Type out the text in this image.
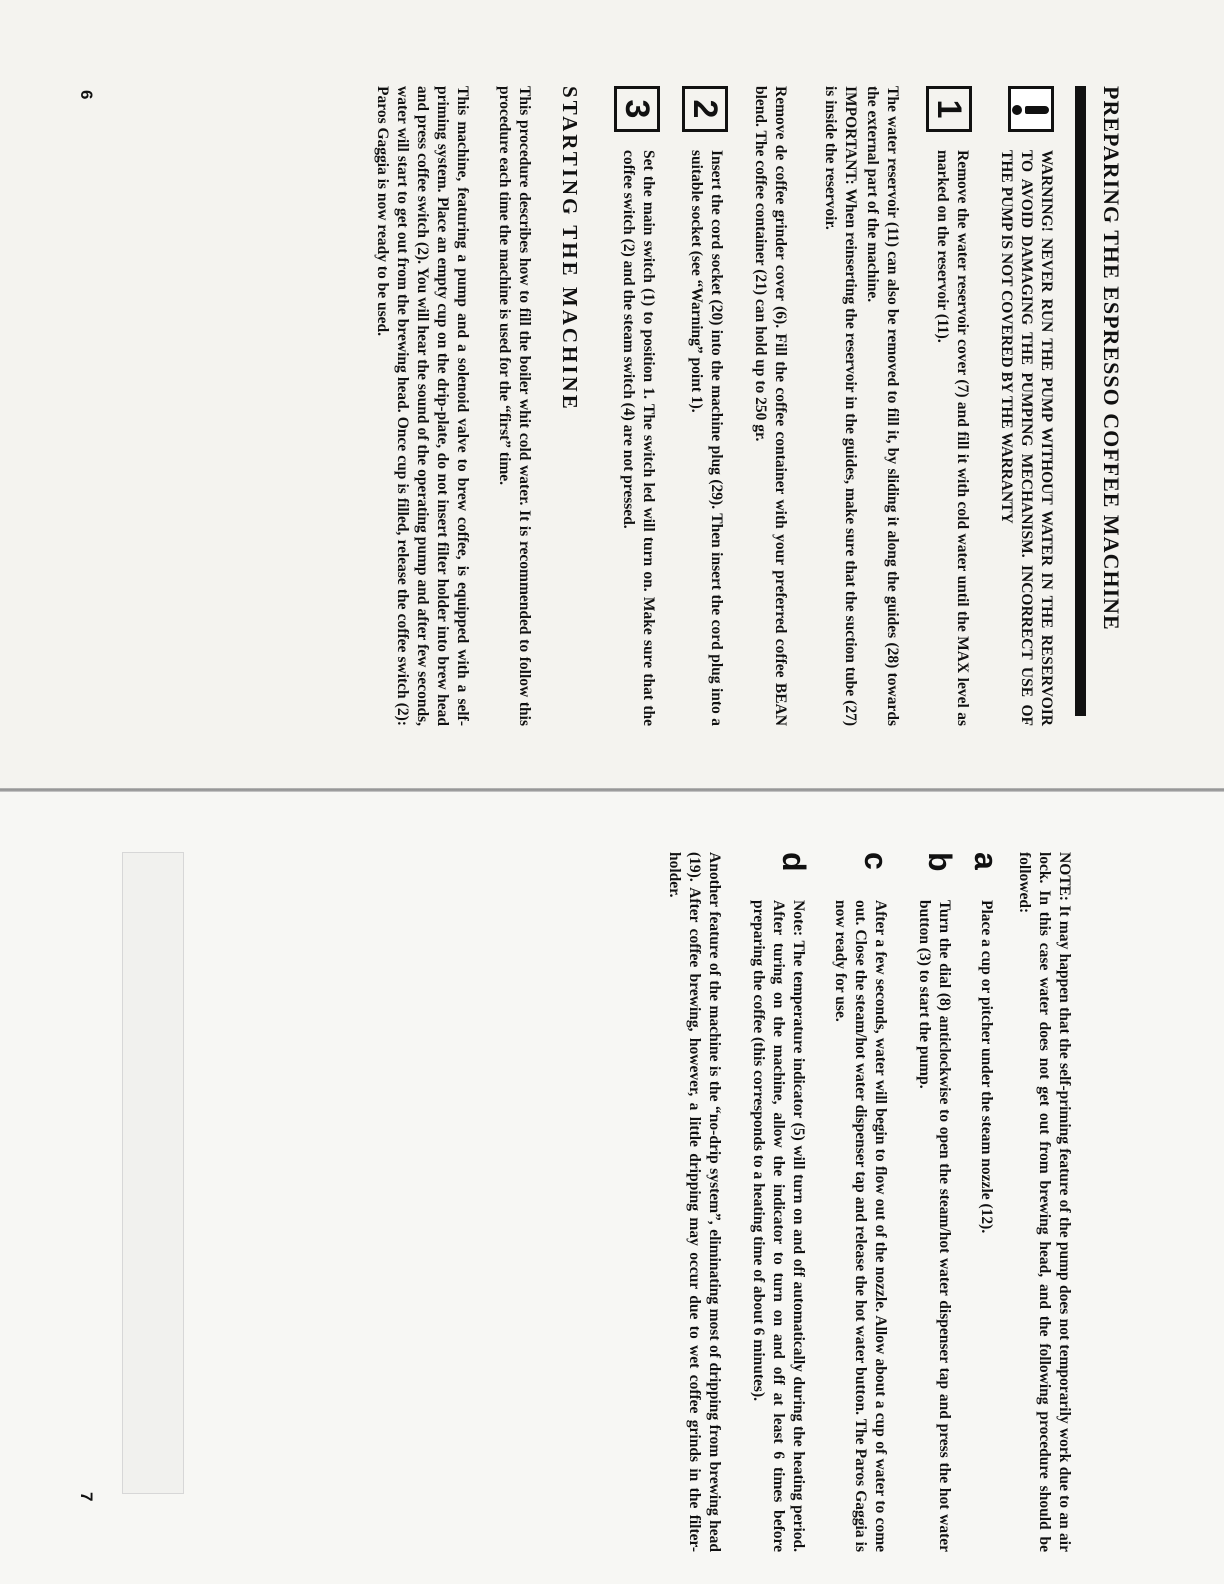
PREPARING THE ESPRESSO COFFEE MACHINE

WARNING! NEVER RUN THE PUMP WITHOUT WATER IN THE RESERVOIR TO AVOID DAMAGING THE PUMPING MECHANISM. INCORRECT USE OF THE PUMP IS NOT COVERED BY THE WARRANTY

1

Remove the water reservoir cover (7) and fill it with cold water until the MAX level as marked on the reservoir (11).

The water reservoir (11) can also be removed to fill it, by sliding it along the guides (28) towards the external part of the machine.

IMPORTANT: When reinserting the reservoir in the guides, make sure that the suction tube (27) is inside the reservoir.

Remove de coffee grinder cover (6). Fill the coffee container with your preferred coffee BEAN blend. The coffee container (21) can hold up to 250 gr.

2

Insert the cord socket (20) into the machine plug (29). Then insert the cord plug into a suitable socket (see “Warning” point 1).

3

Set the main switch (1) to position 1. The switch led will turn on. Make sure that the coffee switch (2) and the steam switch (4) are not pressed.

STARTING THE MACHINE

This procedure describes how to fill the boiler whit cold water. It is recommended to follow this procedure each time the machine is used for the “first” time.

This machine, featuring a pump and a solenoid valve to brew coffee, is equipped with a self-priming system. Place an empty cup on the drip-plate, do not insert filter holder into brew head and press coffee switch (2). You will hear the sound of the operating pump and after few seconds, water will start to get out from the brewing head. Once cup is filled, release the coffee switch (2): Paros Gaggia is now ready to be used.

6

NOTE: It may happen that the self-priming feature of the pump does not temporarily work due to an air lock. In this case water does not get out from brewing head, and the following procedure should be followed:

a

Place a cup or pitcher under the steam nozzle (12).

b

Turn the dial (8) anticlockwise to open the steam/hot water dispenser tap and press the hot water button (3) to start the pump.

c

After a few seconds, water will begin to flow out of the nozzle. Allow about a cup of water to come out. Close the steam/hot water dispenser tap and release the hot water button. The Paros Gaggia is now ready for use.

d

Note: The temperature indicator (5) will turn on and off automatically during the heating period. After turing on the machine, allow the indicator to turn on and off at least 6 times before preparing the coffee (this corresponds to a heating time of about 6 minutes).

Another feature of the machine is the “no-drip system”, eliminating most of dripping from brewing head (19). After coffee brewing, however, a little dripping may occur due to wet coffee grinds in the filter-holder.

7
